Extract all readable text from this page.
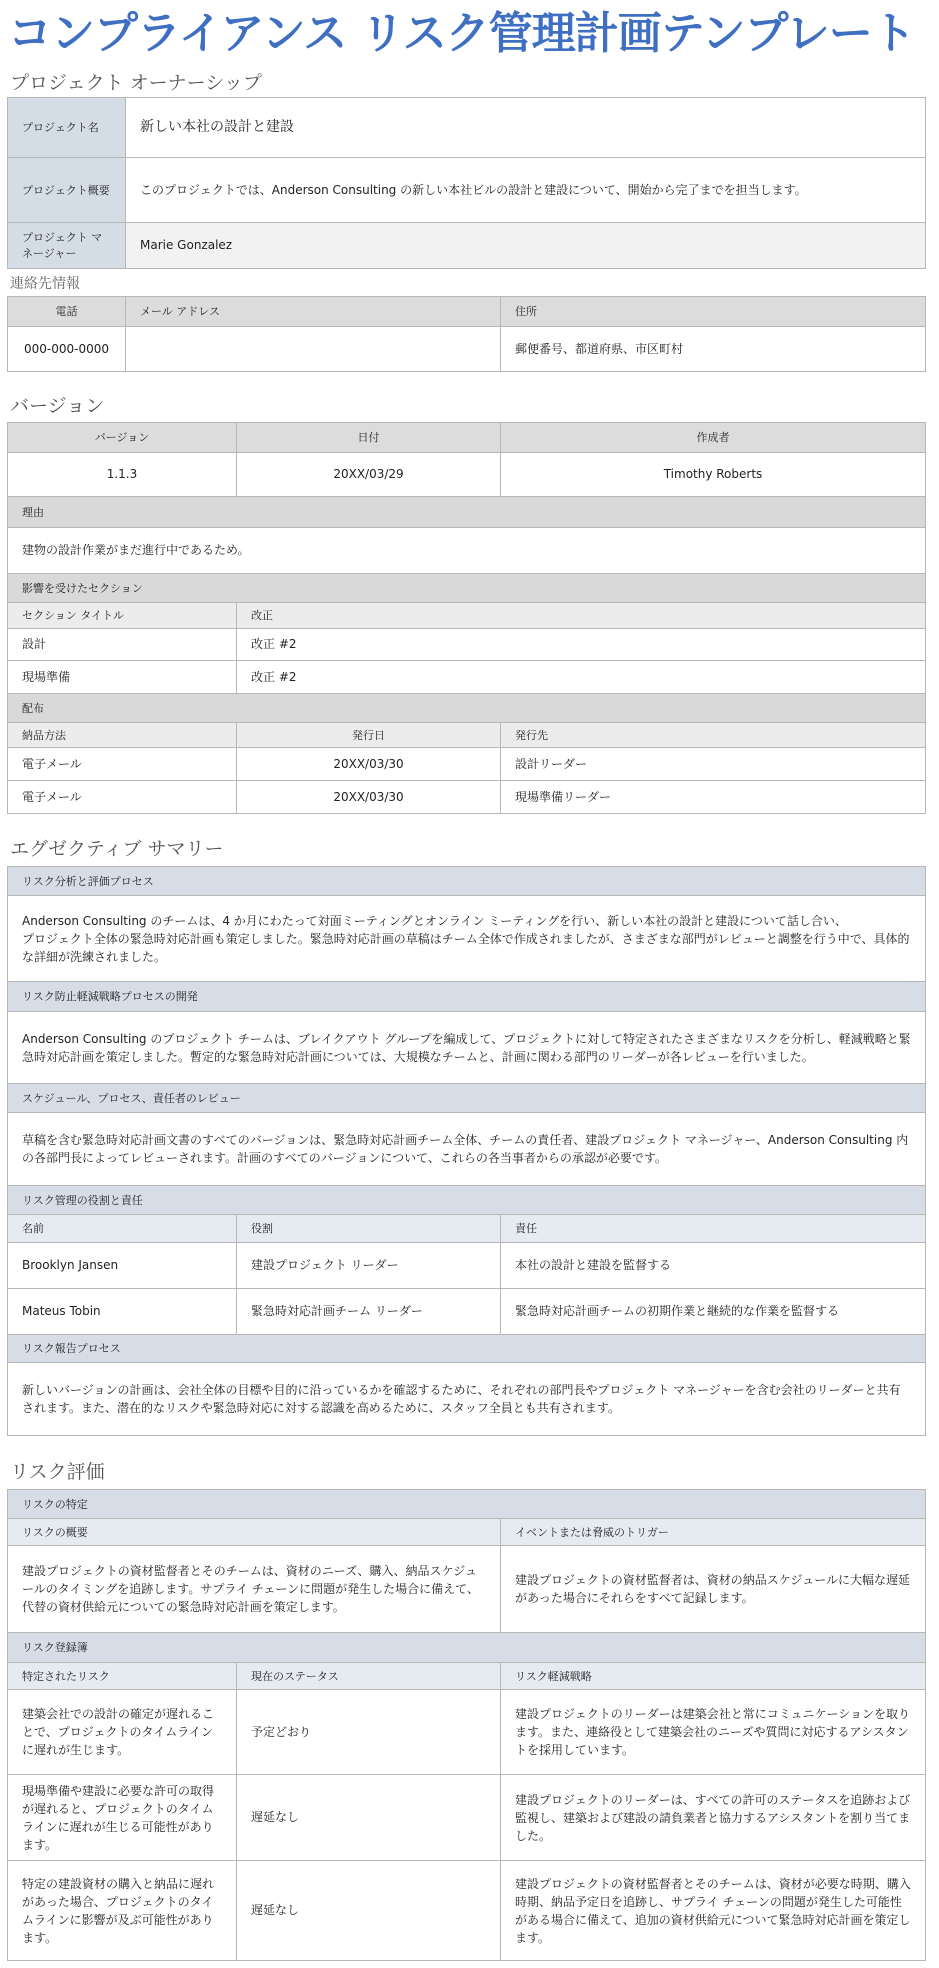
コンプライアンス リスク管理計画テンプレート
プロジェクト オーナーシップ
プロジェクト名	新しい本社の設計と建設
プロジェクト概要	このプロジェクトでは、Anderson Consulting の新しい本社ビルの設計と建設について、開始から完了までを担当します。
プロジェクト マネージャー	Marie Gonzalez
連絡先情報
電話	メール アドレス	住所
000-000-0000		郵便番号、都道府県、市区町村
バージョン
バージョン	日付	作成者
1.1.3	20XX/03/29	Timothy Roberts
理由		
建物の設計作業がまだ進行中であるため。		
影響を受けたセクション		
セクション タイトル	改正	
設計	改正 #2	
現場準備	改正 #2	
配布		
納品方法	発行日	発行先
電子メール	20XX/03/30	設計リーダー
電子メール	20XX/03/30	現場準備リーダー
エグゼクティブ サマリー
リスク分析と評価プロセス		
Anderson Consulting のチームは、4 か月にわたって対面ミーティングとオンライン ミーティングを行い、新しい本社の設計と建設について話し合い、
プロジェクト全体の緊急時対応計画も策定しました。緊急時対応計画の草稿はチーム全体で作成されましたが、さまざまな部門がレビューと調整を行う中で、具体的な詳細が洗練されました。		
リスク防止軽減戦略プロセスの開発		
Anderson Consulting のプロジェクト チームは、ブレイクアウト グループを編成して、プロジェクトに対して特定されたさまざまなリスクを分析し、軽減戦略と緊急時対応計画を策定しました。暫定的な緊急時対応計画については、大規模なチームと、計画に関わる部門のリーダーが各レビューを行いました。		
スケジュール、プロセス、責任者のレビュー		
草稿を含む緊急時対応計画文書のすべてのバージョンは、緊急時対応計画チーム全体、チームの責任者、建設プロジェクト マネージャー、Anderson Consulting 内の各部門長によってレビューされます。計画のすべてのバージョンについて、これらの各当事者からの承認が必要です。		
リスク管理の役割と責任		
名前	役割	責任
Brooklyn Jansen	建設プロジェクト リーダー	本社の設計と建設を監督する
Mateus Tobin	緊急時対応計画チーム リーダー	緊急時対応計画チームの初期作業と継続的な作業を監督する
リスク報告プロセス		
新しいバージョンの計画は、会社全体の目標や目的に沿っているかを確認するために、それぞれの部門長やプロジェクト マネージャーを含む会社のリーダーと共有されます。また、潜在的なリスクや緊急時対応に対する認識を高めるために、スタッフ全員とも共有されます。		
リスク評価
リスクの特定		
リスクの概要		イベントまたは脅威のトリガー
建設プロジェクトの資材監督者とそのチームは、資材のニーズ、購入、納品スケジュールのタイミングを追跡します。サプライ チェーンに問題が発生した場合に備えて、代替の資材供給元についての緊急時対応計画を策定します。		建設プロジェクトの資材監督者は、資材の納品スケジュールに大幅な遅延があった場合にそれらをすべて記録します。
リスク登録簿		
特定されたリスク	現在のステータス	リスク軽減戦略
建築会社での設計の確定が遅れることで、プロジェクトのタイムラインに遅れが生じます。	予定どおり	建設プロジェクトのリーダーは建築会社と常にコミュニケーションを取ります。また、連絡役として建築会社のニーズや質問に対応するアシスタントを採用しています。
現場準備や建設に必要な許可の取得が遅れると、プロジェクトのタイムラインに遅れが生じる可能性があります。	遅延なし	建設プロジェクトのリーダーは、すべての許可のステータスを追跡および監視し、建築および建設の請負業者と協力するアシスタントを割り当てました。
特定の建設資材の購入と納品に遅れがあった場合、プロジェクトのタイムラインに影響が及ぶ可能性があります。	遅延なし	建設プロジェクトの資材監督者とそのチームは、資材が必要な時期、購入時期、納品予定日を追跡し、サプライ チェーンの問題が発生した可能性がある場合に備えて、追加の資材供給元について緊急時対応計画を策定します。
